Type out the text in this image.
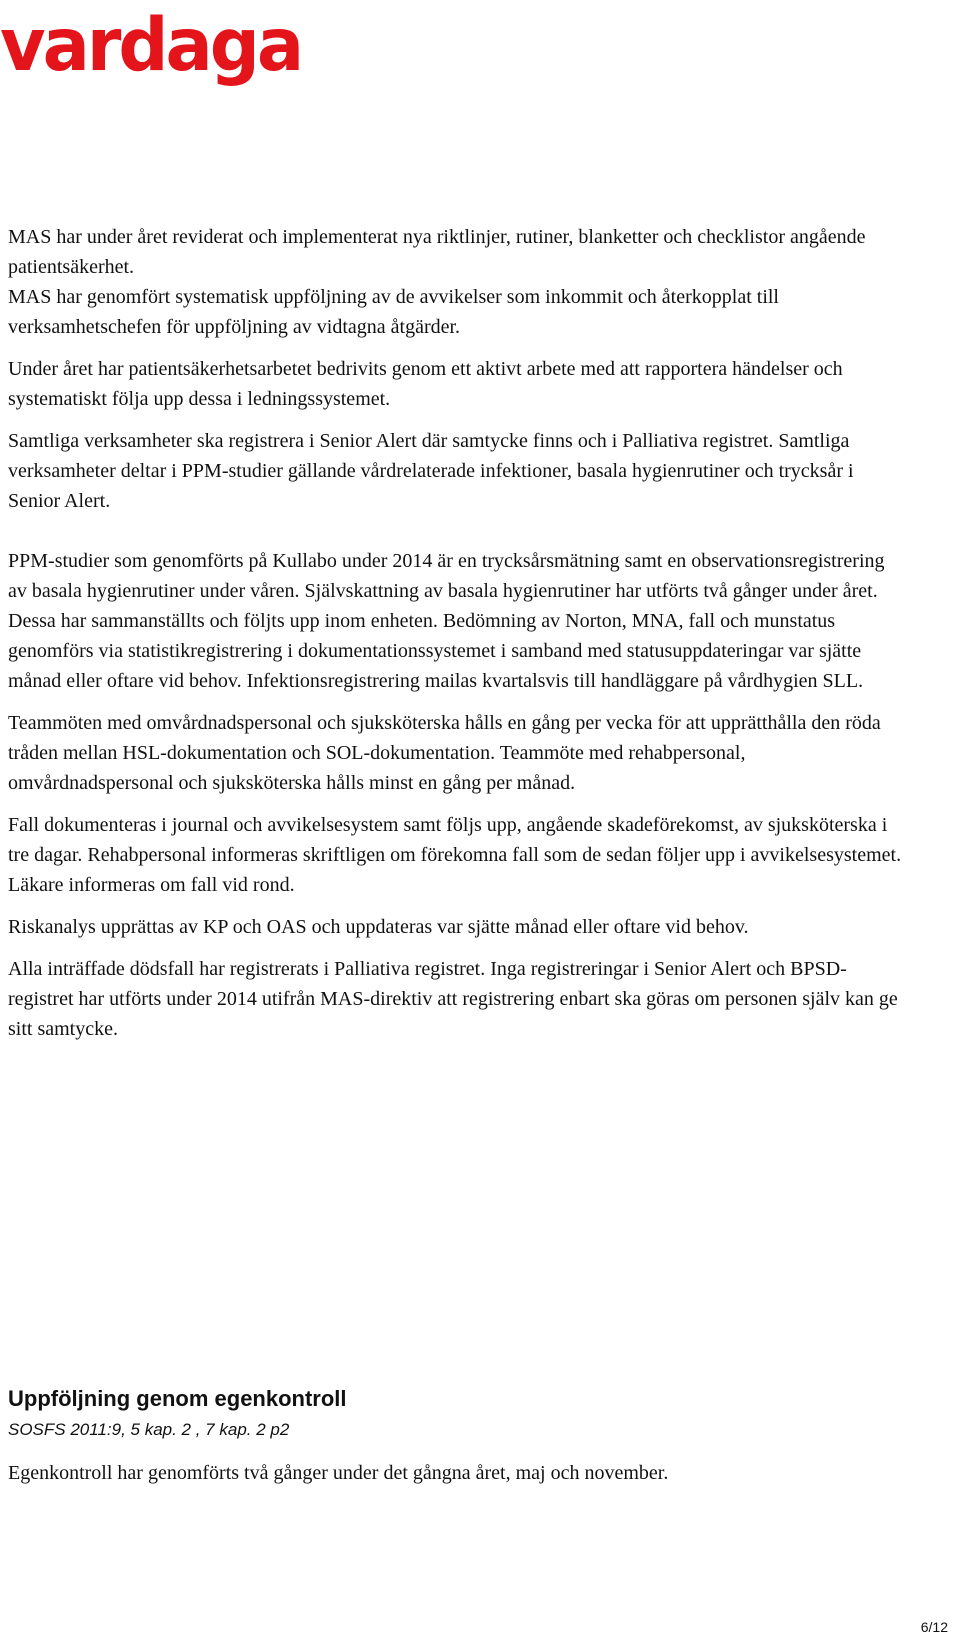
vardaga
MAS har under året reviderat och implementerat nya riktlinjer, rutiner, blanketter och checklistor angående patientsäkerhet.

MAS har genomfört systematisk uppföljning av de avvikelser som inkommit och återkopplat till verksamhetschefen för uppföljning av vidtagna åtgärder.

Under året har patientsäkerhetsarbetet bedrivits genom ett aktivt arbete med att rapportera händelser och systematiskt följa upp dessa i ledningssystemet.

Samtliga verksamheter ska registrera i Senior Alert där samtycke finns och i Palliativa registret. Samtliga verksamheter deltar i PPM-studier gällande vårdrelaterade infektioner, basala hygienrutiner och trycksår i Senior Alert.

PPM-studier som genomförts på Kullabo under 2014 är en trycksårsmätning samt en observationsregistrering av basala hygienrutiner under våren. Självskattning av basala hygienrutiner har utförts två gånger under året. Dessa har sammanställts och följts upp inom enheten. Bedömning av Norton, MNA, fall och munstatus genomförs via statistikregistrering i dokumentationssystemet i samband med statusuppdateringar var sjätte månad eller oftare vid behov. Infektionsregistrering mailas kvartalsvis till handläggare på vårdhygien SLL.

Teammöten med omvårdnadspersonal och sjuksköterska hålls en gång per vecka för att upprätthålla den röda tråden mellan HSL-dokumentation och SOL-dokumentation. Teammöte med rehabpersonal, omvårdnadspersonal och sjuksköterska hålls minst en gång per månad.

Fall dokumenteras i journal och avvikelsesystem samt följs upp, angående skadeförekomst, av sjuksköterska i tre dagar. Rehabpersonal informeras skriftligen om förekomna fall som de sedan följer upp i avvikelsesystemet. Läkare informeras om fall vid rond.

Riskanalys upprättas av KP och OAS och uppdateras var sjätte månad eller oftare vid behov.

Alla inträffade dödsfall har registrerats i Palliativa registret. Inga registreringar i Senior Alert och BPSD-registret har utförts under 2014 utifrån MAS-direktiv att registrering enbart ska göras om personen själv kan ge sitt samtycke.

Uppföljning genom egenkontroll
SOSFS 2011:9, 5 kap. 2 , 7 kap. 2 p2
Egenkontroll har genomförts två gånger under det gångna året, maj och november.
6/12
